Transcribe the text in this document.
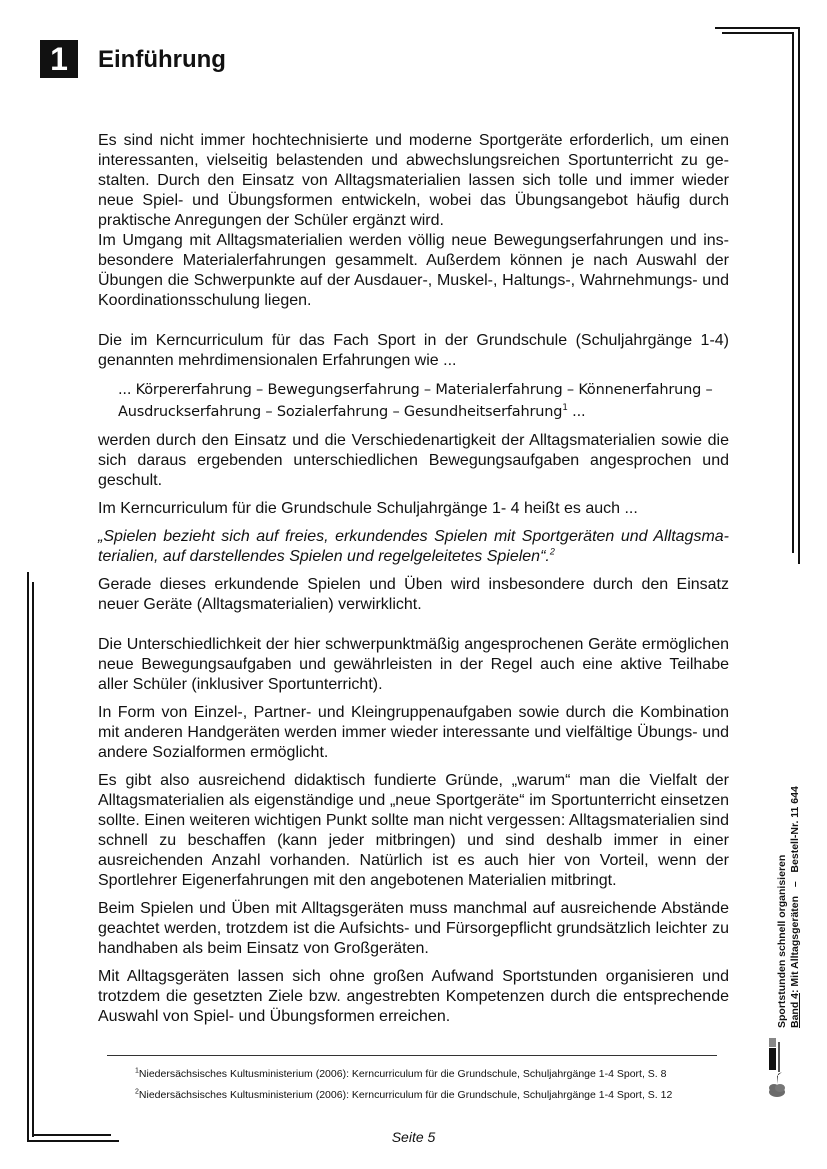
1	Einführung

Es sind nicht immer hochtechnisierte und moderne Sportgeräte erforderlich, um einen interessanten, vielseitig belastenden und abwechslungsreichen Sportunterricht zu gestalten. Durch den Einsatz von Alltagsmaterialien lassen sich tolle und immer wieder neue Spiel- und Übungsformen entwickeln, wobei das Übungsangebot häufig durch praktische Anregungen der Schüler ergänzt wird.

Im Umgang mit Alltagsmaterialien werden völlig neue Bewegungserfahrungen und insbesondere Materialerfahrungen gesammelt. Außerdem können je nach Auswahl der Übungen die Schwerpunkte auf der Ausdauer-, Muskel-, Haltungs-, Wahrnehmungs- und Koordinationsschulung liegen.

Die im Kerncurriculum für das Fach Sport in der Grundschule (Schuljahrgänge 1-4) genannten mehrdimensionalen Erfahrungen wie ...

... Körpererfahrung – Bewegungserfahrung – Materialerfahrung – Könnenerfahrung – Ausdruckserfahrung – Sozialerfahrung – Gesundheitserfahrung$^1$ ...

werden durch den Einsatz und die Verschiedenartigkeit der Alltagsmaterialien sowie die sich daraus ergebenden unterschiedlichen Bewegungsaufgaben angesprochen und geschult.

Im Kerncurriculum für die Grundschule Schuljahrgänge 1- 4 heißt es auch ...

„Spielen bezieht sich auf freies, erkundendes Spielen mit Sportgeräten und Alltagsmaterialien, auf darstellendes Spielen und regelgeleitetes Spielen“.$^2$

Gerade dieses erkundende Spielen und Üben wird insbesondere durch den Einsatz neuer Geräte (Alltagsmaterialien) verwirklicht.

Die Unterschiedlichkeit der hier schwerpunktmäßig angesprochenen Geräte ermöglichen neue Bewegungsaufgaben und gewährleisten in der Regel auch eine aktive Teilhabe aller Schüler (inklusiver Sportunterricht).

In Form von Einzel-, Partner- und Kleingruppenaufgaben sowie durch die Kombination mit anderen Handgeräten werden immer wieder interessante und vielfältige Übungs- und andere Sozialformen ermöglicht.

Es gibt also ausreichend didaktisch fundierte Gründe, „warum“ man die Vielfalt der Alltagsmaterialien als eigenständige und „neue Sportgeräte“ im Sportunterricht einsetzen sollte. Einen weiteren wichtigen Punkt sollte man nicht vergessen: Alltagsmaterialien sind schnell zu beschaffen (kann jeder mitbringen) und sind deshalb immer in einer ausreichenden Anzahl vorhanden. Natürlich ist es auch hier von Vorteil, wenn der Sportlehrer Eigenerfahrungen mit den angebotenen Materialien mitbringt.

Beim Spielen und Üben mit Alltagsgeräten muss manchmal auf ausreichende Abstände geachtet werden, trotzdem ist die Aufsichts- und Fürsorgepflicht grundsätzlich leichter zu handhaben als beim Einsatz von Großgeräten.

Mit Alltagsgeräten lassen sich ohne großen Aufwand Sportstunden organisieren und trotzdem die gesetzten Ziele bzw. angestrebten Kompetenzen durch die entsprechende Auswahl von Spiel- und Übungsformen erreichen.

$^1$Niedersächsisches Kultusministerium (2006): Kerncurriculum für die Grundschule, Schuljahrgänge 1-4 Sport, S. 8
$^2$Niedersächsisches Kultusministerium (2006): Kerncurriculum für die Grundschule, Schuljahrgänge 1-4 Sport, S. 12
Seite 5
Sportstunden schnell organisieren Band 4: Mit Alltagsgeräten   –   Bestell-Nr. 11 644
